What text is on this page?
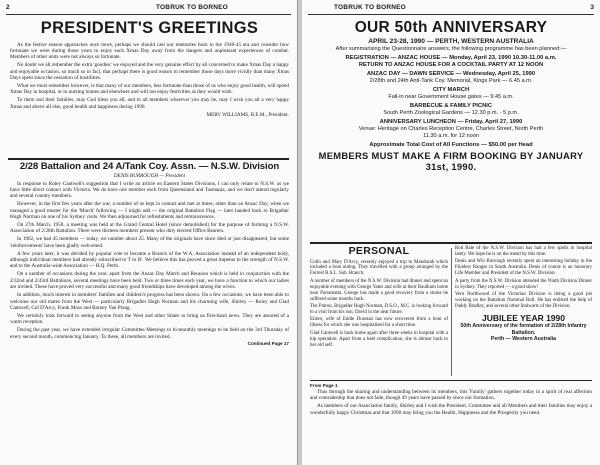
2	TOBRUK TO BORNEO
PRESIDENT'S GREETINGS

As the festive season approaches once more, perhaps we should cast our memories back to the 1940-45 era and consider how fortunate we were during those years to enjoy each Xmas Day away from the dangers and unpleasant experiences of combat. Members of other units were not always so fortunate.

No doubt we all remember the extra 'goodies' we enjoyed and the very genuine effort by all concerned to make Xmas Day a happy and enjoyable occasion, so much so in fact, that perhaps there is good reason to remember those days more vividly than many Xmas Days spent since the cessation of hostilities.

What we must remember however, is that many of our members, less fortunate than those of us who enjoy good health, will spend Xmas Day in hospital, or in nursing homes and elsewhere and will not enjoy festivities as they would wish.

To them and their families, may God bless you all, and to all members wherever you may be, may I wish you all a very happy Xmas and above all else, good health and happiness during 1990.

MERV WILLIAMS, B.E.M., President.
2/28 Battalion and 24 A/Tank Coy. Assn. — N.S.W. Division
DENIS BURROUGH — President

In response to Roley Cantwell's suggestion that I write an article on Eastern States Divisions, I can only relate to N.S.W. as we have little direct contact with Victoria. We do have one member each from Queensland and Tasmania, and we don't attend regularly and several country members.

However, in the first few years after the war, a number of us kept in contact and met at times, other than on Anzac Day, when we managed a good muster for the 'March' following — I might add — the original Battalion Flag — later handed back to Brigadier Hugh Norman on one of his Sydney visits. We then adjourned for refreshments and reminiscences.

On 27th March, 1958, a meeting was held at the Grand Central Hotel (since demolished) for the purpose of forming a N.S.W. Association of 2/28th Battalion. There were thirteen members present who duly elected Office Bearers.

In 1962, we had 45 members — today, we number about 25. Many of the originals have since died or just disappeared, but some 'reinforcements' have been gladly welcomed.

A few years later, it was decided by popular vote to become a Branch of the W.A. Association instead of an independent body, although individual members had already subscribed to T to B'. We believe this has proved a great impetus to the strength of N.S.W. and to the Australia-wide Association — H.Q. Perth.

On a number of occasions during the year, apart from the Anzac Day March and Reunion which is held in conjunction with the 2/32nd and 2/43rd Battalions, several meetings have been held. Two or three times each year, we have a function to which our ladies are invited. These have proved very successful and many good friendships have developed among the wives.

In addition, much interest in members' families and children's progress has been shown. On a few occasions, we have been able to welcome our old mates from the West — particularly Brigadier Hugh Norman and his charming wife, Shirley — Roley and Glad Cantwell, Col D'Arcy, Frank Moss and Barney Van Praag.

We certainly look forward to seeing anyone from the West and other States to bring us first-hand news. They are assured of a warm reception.

During the past year, we have extended irregular Committee Meetings to bi-monthly meetings to be held on the 3rd Thursday of every second month, commencing January. To these, all members are invited.

Continued Page 17
TOBRUK TO BORNEO	3
OUR 50th ANNIVERSARY
APRIL 23-28, 1990 — PERTH, WESTERN AUSTRALIA
After summarising the Questionnaire answers, the following programme has been planned:—
REGISTRATION — ANZAC HOUSE — Monday, April 23, 1990 10.30-11.00 a.m.
RETURN TO ANZAC HOUSE FOR A COCKTAIL PARTY AT 12 NOON
ANZAC DAY — DAWN SERVICE — Wednesday, April 25, 1990
2/28th and 24th Anti-Tank Coy. Memorial, Kings Park — 6.45 a.m.
CITY MARCH
Fall-in near Government House gates — 9.45 a.m.
BARBECUE & FAMILY PICNIC
South Perth Zoological Gardens — 12.30 p.m. - 5 p.m.
ANNIVERSARY LUNCHEON — Friday, April 27, 1990
Venue: Heritage on Charles Reception Centre, Charles Street, North Perth
11.30 a.m. for 12 noon
Approximate Total Cost of All Functions — $50.00 per Head
MEMBERS MUST MAKE A FIRM BOOKING BY JANUARY 31st, 1990.
PERSONAL

Colin and Mary D'Arcy, recently enjoyed a trip to Mandurah which included a boat outing. They travelled with a group arranged by the Forrest R.S.L. Sub. Branch.

A number of members of the N.S.W. Division had dinner and spent an enjoyable evening with George Yates and wife at their Baulkum home near Parramatta. George has made a good recovery from a stroke he suffered some months back.

The Patron, Brigadier Hugh Norman, D.S.O., M.C. is looking forward to a visit from his son, David in the near future.

Eilern, wife of Eddie Dunstan has now recovered from a bout of illness for which she was hospitalised for a short time.

Glad Cantwell is back home again after three weeks in hospital with a hip operation. Apart from a heel complication, she is almost back to her old self.

Rod Bale of the N.S.W. Division has had a few spells in hospital lately. We hope he is on the mend by this time.

Denis and Win Burrough recently spent an interesting holiday in the Flinders Ranges in South Australia. Denis of course is an honorary Life Member and President of the N.S.W. Division.

A party from the N.S.W. Division attended the Ninth Division Dinner in Sydney. They reported — a good show!

Vern Northwood of the Victorian Division is doing a good job working on the Battalion Nominal Roll. He has enlisted the help of Paddy Bradley, and several other Stalwarts of the Division.

JUBILEE YEAR 1990
50th Anniversary of the formation of 2/28th Infantry Battalion.
Perth — Western Australia
From Page 1

Thus through the sharing and understanding between its members, this 'Family' gathers together today in a spirit of real affection and comradeship that does not fade, though 49 years have passed by since our formation.

As members of our Association family, Shirley and I wish the President, Committee and all Members and their families may enjoy a wonderfully happy Christmas and that 1990 may bring you the Health, Happiness and the Prosperity you need.
